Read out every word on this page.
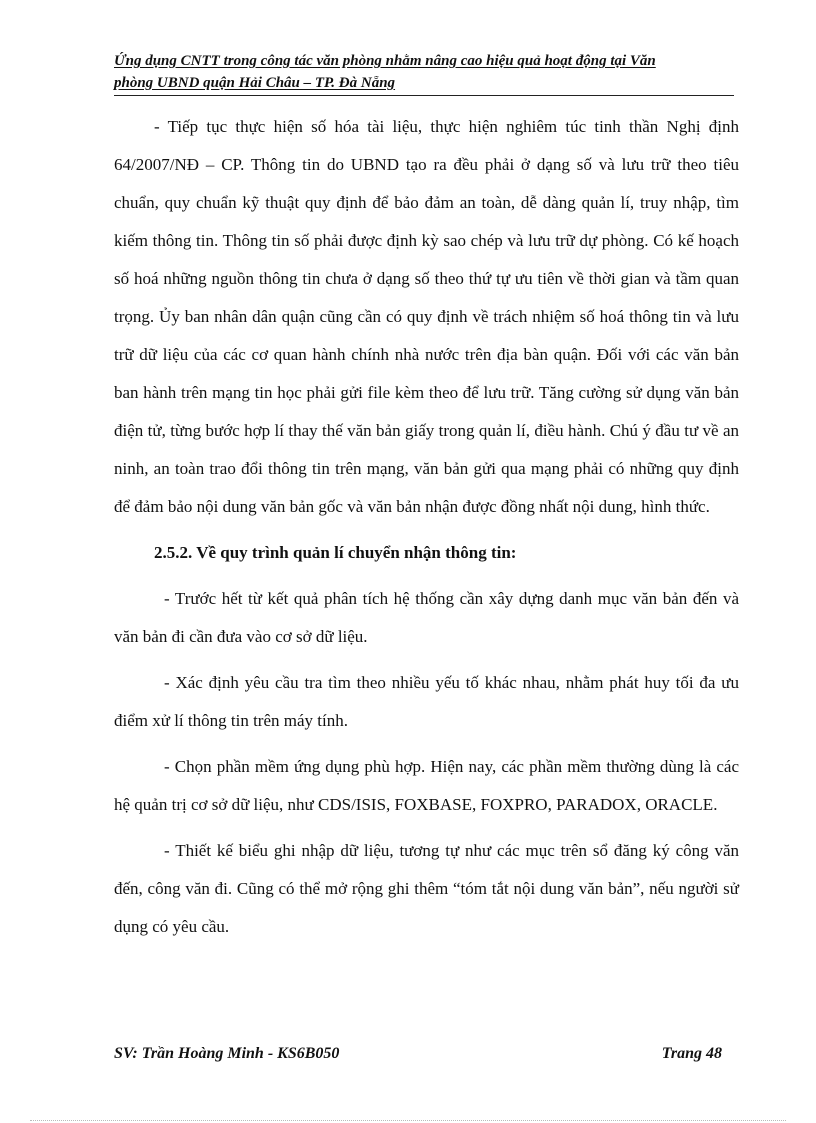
Ứng dụng CNTT trong công tác văn phòng nhằm nâng cao hiệu quả hoạt động tại Văn
phòng UBND quận Hải Châu – TP. Đà Nẵng

- Tiếp tục thực hiện số hóa tài liệu, thực hiện nghiêm túc tinh thần Nghị định 64/2007/NĐ – CP. Thông tin do UBND tạo ra đều phải ở dạng số và lưu trữ theo tiêu chuẩn, quy chuẩn kỹ thuật quy định để bảo đảm an toàn, dễ dàng quản lí, truy nhập, tìm kiếm thông tin. Thông tin số phải được định kỳ sao chép và lưu trữ dự phòng. Có kế hoạch số hoá những nguồn thông tin chưa ở dạng số theo thứ tự ưu tiên về thời gian và tầm quan trọng. Ủy ban nhân dân quận cũng cần có quy định về trách nhiệm số hoá thông tin và lưu trữ dữ liệu của các cơ quan hành chính nhà nước trên địa bàn quận. Đối với các văn bản ban hành trên mạng tin học phải gửi file kèm theo để lưu trữ. Tăng cường sử dụng văn bản điện tử, từng bước hợp lí thay thế văn bản giấy trong quản lí, điều hành. Chú ý đầu tư về an ninh, an toàn trao đổi thông tin trên mạng, văn bản gửi qua mạng phải có những quy định để đảm bảo nội dung văn bản gốc và văn bản nhận được đồng nhất nội dung, hình thức.

2.5.2. Về quy trình quản lí chuyển nhận thông tin:

- Trước hết từ kết quả phân tích hệ thống cần xây dựng danh mục văn bản đến và văn bản đi cần đưa vào cơ sở dữ liệu.

- Xác định yêu cầu tra tìm theo nhiều yếu tố khác nhau, nhằm phát huy tối đa ưu điểm xử lí thông tin trên máy tính.

- Chọn phần mềm ứng dụng phù hợp. Hiện nay, các phần mềm thường dùng là các hệ quản trị cơ sở dữ liệu, như CDS/ISIS, FOXBASE, FOXPRO, PARADOX, ORACLE.

- Thiết kế biểu ghi nhập dữ liệu, tương tự như các mục trên sổ đăng ký công văn đến, công văn đi. Cũng có thể mở rộng ghi thêm “tóm tắt nội dung văn bản”, nếu người sử dụng có yêu cầu.

SV: Trần Hoàng Minh - KS6B050	Trang 48
